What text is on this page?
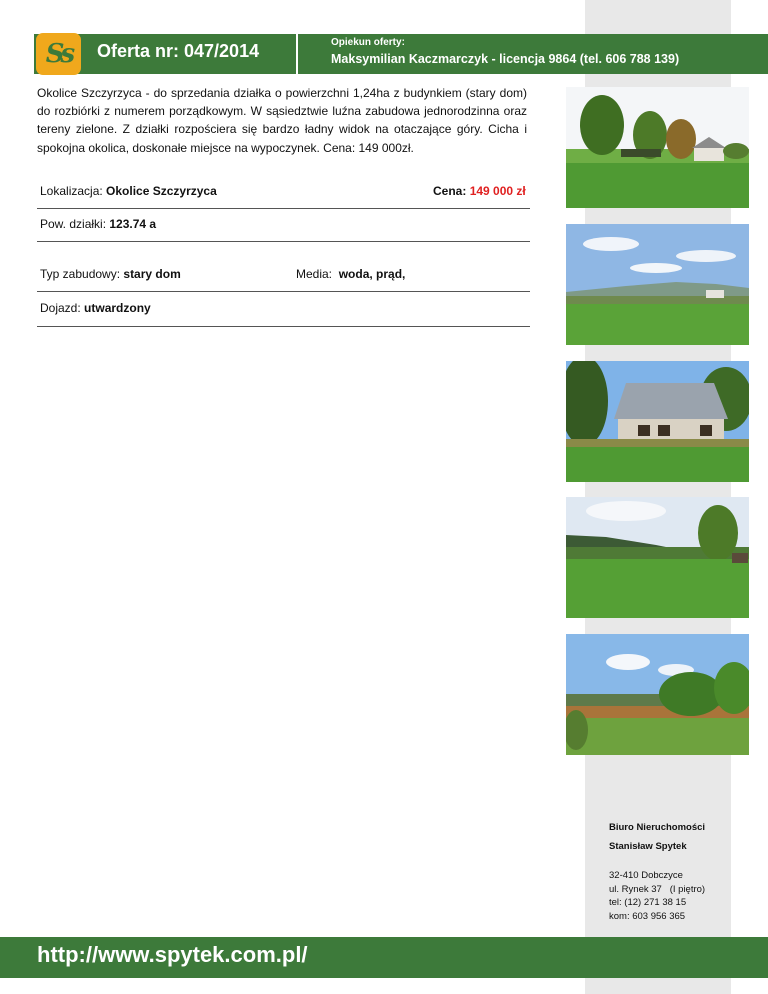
Ss Oferta nr: 047/2014	Opiekun oferty:
Maksymilian Kaczmarczyk - licencja 9864 (tel. 606 788 139)
Okolice Szczyrzyca - do sprzedania działka o powierzchni 1,24ha z budynkiem (stary dom) do rozbiórki z numerem porządkowym. W sąsiedztwie luźna zabudowa jednorodzinna oraz tereny zielone. Z działki rozpościera się bardzo ładny widok na otaczające góry. Cicha i spokojna okolica, doskonałe miejsce na wypoczynek. Cena: 149 000zł.
Lokalizacja: Okolice Szczyrzyca	Cena: 149 000 zł
Pow. działki: 123.74 a
Typ zabudowy: stary dom	Media: woda, prąd,
Dojazd: utwardzony
Biuro Nieruchomości
Stanisław Spytek
32-410 Dobczyce
ul. Rynek 37   (I piętro)
tel: (12) 271 38 15
kom: 603 956 365
http://www.spytek.com.pl/
